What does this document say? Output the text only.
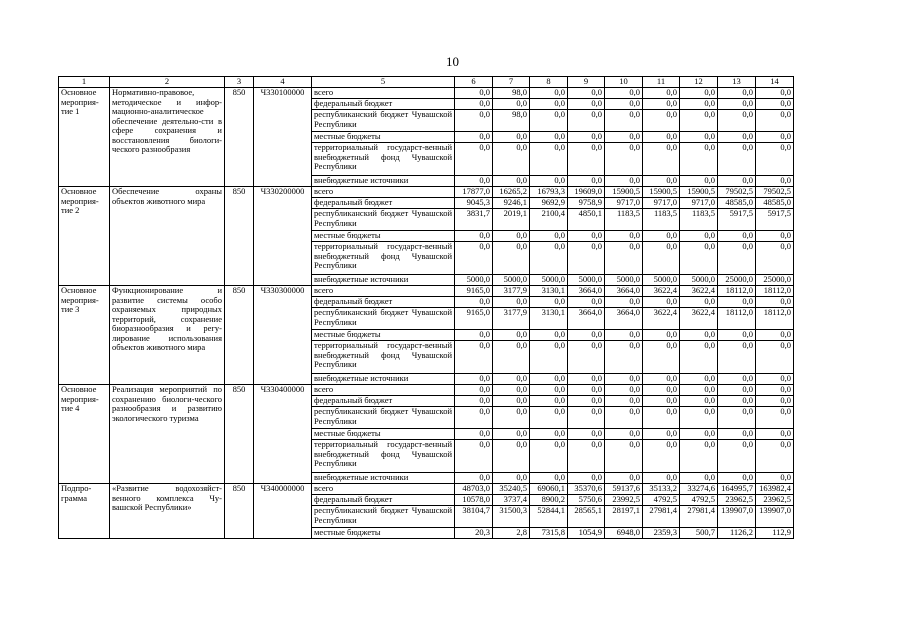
10
1	2	3	4	5	6	7	8	9	10	11	12	13	14
Основное мероприя-тие 1	Нормативно-правовое, методическое и инфор-мационно-аналитическое обеспечение деятельно-сти в сфере сохранения и восстановления биологи-ческого разнообразия	850	Ч330100000	всего	0,0	98,0	0,0	0,0	0,0	0,0	0,0	0,0	0,0
				федеральный бюджет	0,0	0,0	0,0	0,0	0,0	0,0	0,0	0,0	0,0
				республиканский бюджет Чувашской Республики	0,0	98,0	0,0	0,0	0,0	0,0	0,0	0,0	0,0
				местные бюджеты	0,0	0,0	0,0	0,0	0,0	0,0	0,0	0,0	0,0
				территориальный государст-венный внебюджетный фонд Чувашской Республики	0,0	0,0	0,0	0,0	0,0	0,0	0,0	0,0	0,0
				внебюджетные источники	0,0	0,0	0,0	0,0	0,0	0,0	0,0	0,0	0,0
Основное мероприя-тие 2	Обеспечение охраны объектов животного мира	850	Ч330200000	всего	17877,0	16265,2	16793,3	19609,0	15900,5	15900,5	15900,5	79502,5	79502,5
				федеральный бюджет	9045,3	9246,1	9692,9	9758,9	9717,0	9717,0	9717,0	48585,0	48585,0
				республиканский бюджет Чувашской Республики	3831,7	2019,1	2100,4	4850,1	1183,5	1183,5	1183,5	5917,5	5917,5
				местные бюджеты	0,0	0,0	0,0	0,0	0,0	0,0	0,0	0,0	0,0
				территориальный государст-венный внебюджетный фонд Чувашской Республики	0,0	0,0	0,0	0,0	0,0	0,0	0,0	0,0	0,0
				внебюджетные источники	5000,0	5000,0	5000,0	5000,0	5000,0	5000,0	5000,0	25000,0	25000,0
Основное мероприя-тие 3	Функционирование и развитие системы особо охраняемых природных территорий, сохранение биоразнообразия и регу-лирование использования объектов животного мира	850	Ч330300000	всего	9165,0	3177,9	3130,1	3664,0	3664,0	3622,4	3622,4	18112,0	18112,0
				федеральный бюджет	0,0	0,0	0,0	0,0	0,0	0,0	0,0	0,0	0,0
				республиканский бюджет Чувашской Республики	9165,0	3177,9	3130,1	3664,0	3664,0	3622,4	3622,4	18112,0	18112,0
				местные бюджеты	0,0	0,0	0,0	0,0	0,0	0,0	0,0	0,0	0,0
				территориальный государст-венный внебюджетный фонд Чувашской Республики	0,0	0,0	0,0	0,0	0,0	0,0	0,0	0,0	0,0
				внебюджетные источники	0,0	0,0	0,0	0,0	0,0	0,0	0,0	0,0	0,0
Основное мероприя-тие 4	Реализация мероприятий по сохранению биологи-ческого разнообразия и развитию экологического туризма	850	Ч330400000	всего	0,0	0,0	0,0	0,0	0,0	0,0	0,0	0,0	0,0
				федеральный бюджет	0,0	0,0	0,0	0,0	0,0	0,0	0,0	0,0	0,0
				республиканский бюджет Чувашской Республики	0,0	0,0	0,0	0,0	0,0	0,0	0,0	0,0	0,0
				местные бюджеты	0,0	0,0	0,0	0,0	0,0	0,0	0,0	0,0	0,0
				территориальный государст-венный внебюджетный фонд Чувашской Республики	0,0	0,0	0,0	0,0	0,0	0,0	0,0	0,0	0,0
				внебюджетные источники	0,0	0,0	0,0	0,0	0,0	0,0	0,0	0,0	0,0
Подпро-грамма	«Развитие водохозяйст-венного комплекса Чу-вашской Республики»	850	Ч340000000	всего	48703,0	35240,5	69060,1	35370,6	59137,6	35133,2	33274,6	164995,7	163982,4
				федеральный бюджет	10578,0	3737,4	8900,2	5750,6	23992,5	4792,5	4792,5	23962,5	23962,5
				республиканский бюджет Чувашской Республики	38104,7	31500,3	52844,1	28565,1	28197,1	27981,4	27981,4	139907,0	139907,0
				местные бюджеты	20,3	2,8	7315,8	1054,9	6948,0	2359,3	500,7	1126,2	112,9
